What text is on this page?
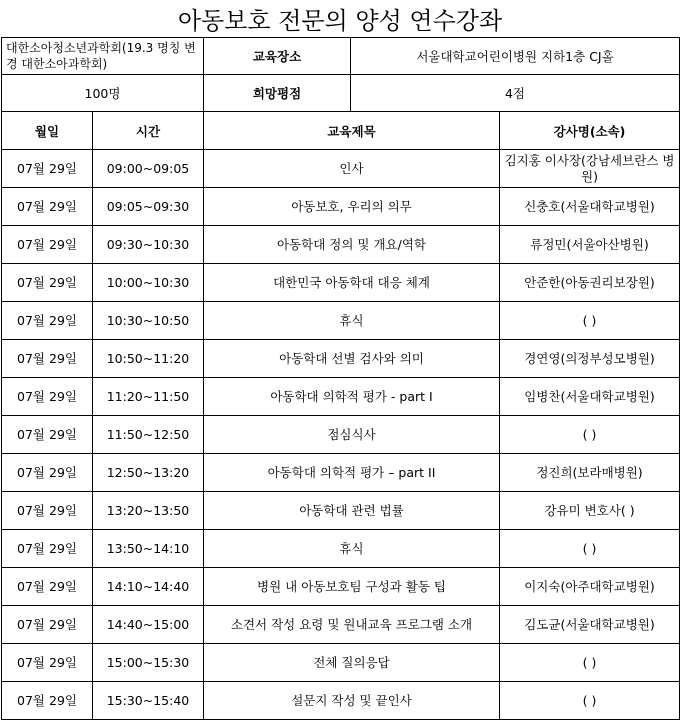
아동보호 전문의 양성 연수강좌
대한소아청소년과학회(19.3 명칭 변경 대한소아과학회)	교육장소	서울대학교어린이병원 지하1층 CJ홀
100명	희망평점	4점
월일	시간	교육제목	강사명(소속)
07월 29일	09:00~09:05	인사	김지홍 이사장(강남세브란스 병원)
07월 29일	09:05~09:30	아동보호, 우리의 의무	신충호(서울대학교병원)
07월 29일	09:30~10:30	아동학대 정의 및 개요/역학	류정민(서울아산병원)
07월 29일	10:00~10:30	대한민국 아동학대 대응 체계	안준한(아동권리보장원)
07월 29일	10:30~10:50	휴식	( )
07월 29일	10:50~11:20	아동학대 선별 검사와 의미	경연영(의정부성모병원)
07월 29일	11:20~11:50	아동학대 의학적 평가 - part I	임병찬(서울대학교병원)
07월 29일	11:50~12:50	점심식사	( )
07월 29일	12:50~13:20	아동학대 의학적 평가 – part II	정진희(보라매병원)
07월 29일	13:20~13:50	아동학대 관련 법률	강유미 변호사( )
07월 29일	13:50~14:10	휴식	( )
07월 29일	14:10~14:40	병원 내 아동보호팀 구성과 활동 팁	이지숙(아주대학교병원)
07월 29일	14:40~15:00	소견서 작성 요령 및 원내교육 프로그램 소개	김도균(서울대학교병원)
07월 29일	15:00~15:30	전체 질의응답	( )
07월 29일	15:30~15:40	설문지 작성 및 끝인사	( )
